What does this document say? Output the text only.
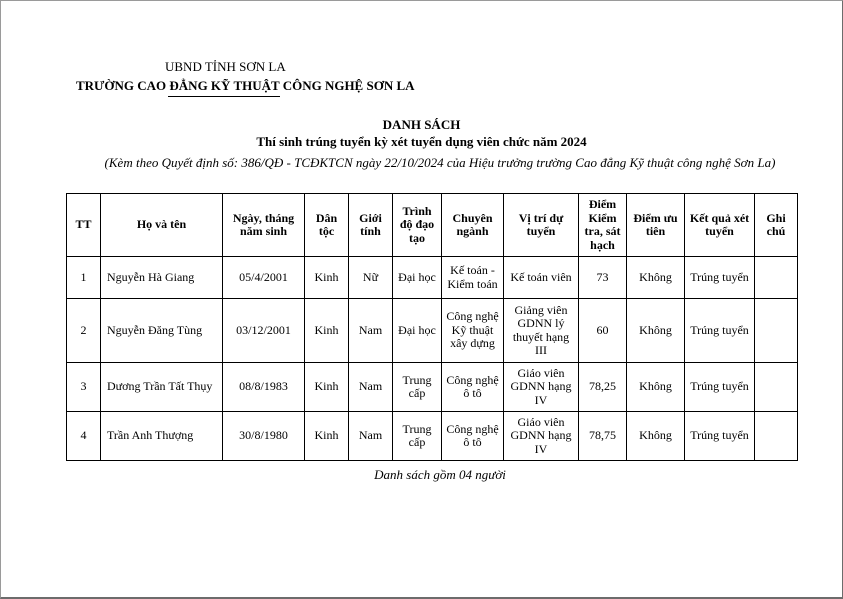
UBND TỈNH SƠN LA
TRƯỜNG CAO ĐẲNG KỸ THUẬT CÔNG NGHỆ SƠN LA
DANH SÁCH
Thí sinh trúng tuyển kỳ xét tuyển dụng viên chức năm 2024
(Kèm theo Quyết định số: 386/QĐ - TCĐKTCN ngày 22/10/2024 của Hiệu trưởng trường Cao đẳng Kỹ thuật công nghệ Sơn La)
TT	Họ và tên	Ngày, tháng năm sinh	Dân tộc	Giới tính	Trình độ đạo tạo	Chuyên ngành	Vị trí dự tuyển	Điểm Kiểm tra, sát hạch	Điểm ưu tiên	Kết quả xét tuyển	Ghi chú
1	Nguyễn Hà Giang	05/4/2001	Kinh	Nữ	Đại học	Kế toán - Kiểm toán	Kế toán viên	73	Không	Trúng tuyển	
2	Nguyễn Đăng Tùng	03/12/2001	Kinh	Nam	Đại học	Công nghệ Kỹ thuật xây dựng	Giảng viên GDNN lý thuyết hạng III	60	Không	Trúng tuyển	
3	Dương Trần Tất Thụy	08/8/1983	Kinh	Nam	Trung cấp	Công nghệ ô tô	Giáo viên GDNN hạng IV	78,25	Không	Trúng tuyển	
4	Trần Anh Thượng	30/8/1980	Kinh	Nam	Trung cấp	Công nghệ ô tô	Giáo viên GDNN hạng IV	78,75	Không	Trúng tuyển	
Danh sách gồm 04 người
